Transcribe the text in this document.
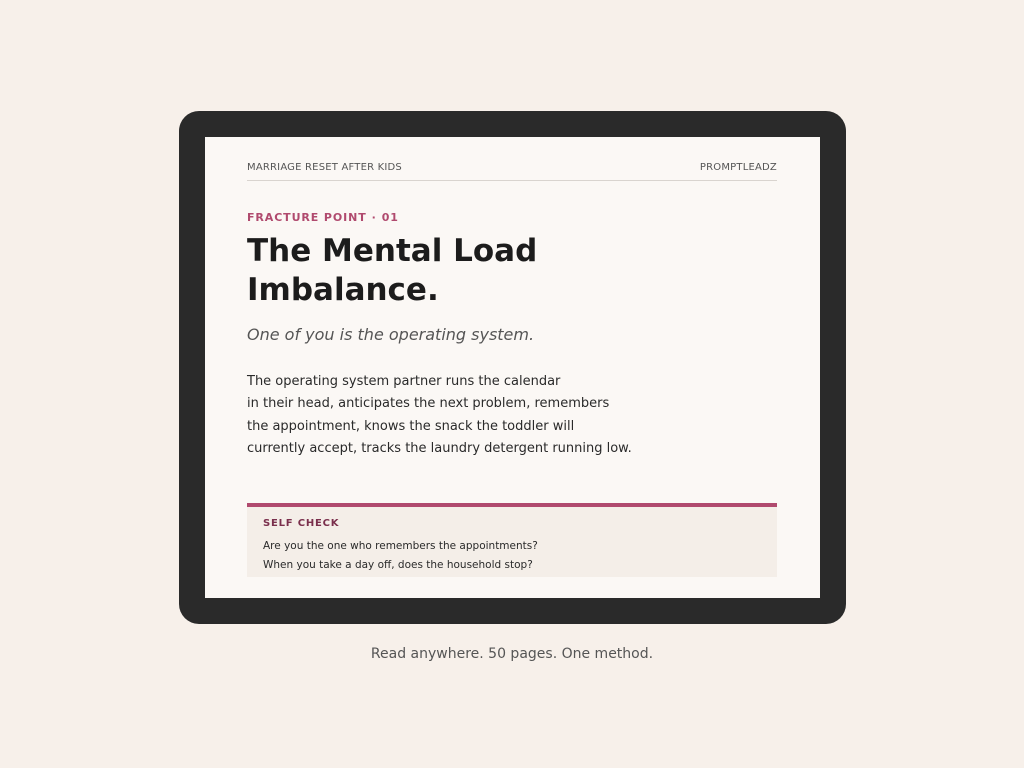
MARRIAGE RESET AFTER KIDS	PROMPTLEADZ
FRACTURE POINT · 01
The Mental Load Imbalance.

One of you is the operating system.

The operating system partner runs the calendar
in their head, anticipates the next problem, remembers
the appointment, knows the snack the toddler will
currently accept, tracks the laundry detergent running low.
SELF CHECK
Are you the one who remembers the appointments?
When you take a day off, does the household stop?
Read anywhere. 50 pages. One method.
